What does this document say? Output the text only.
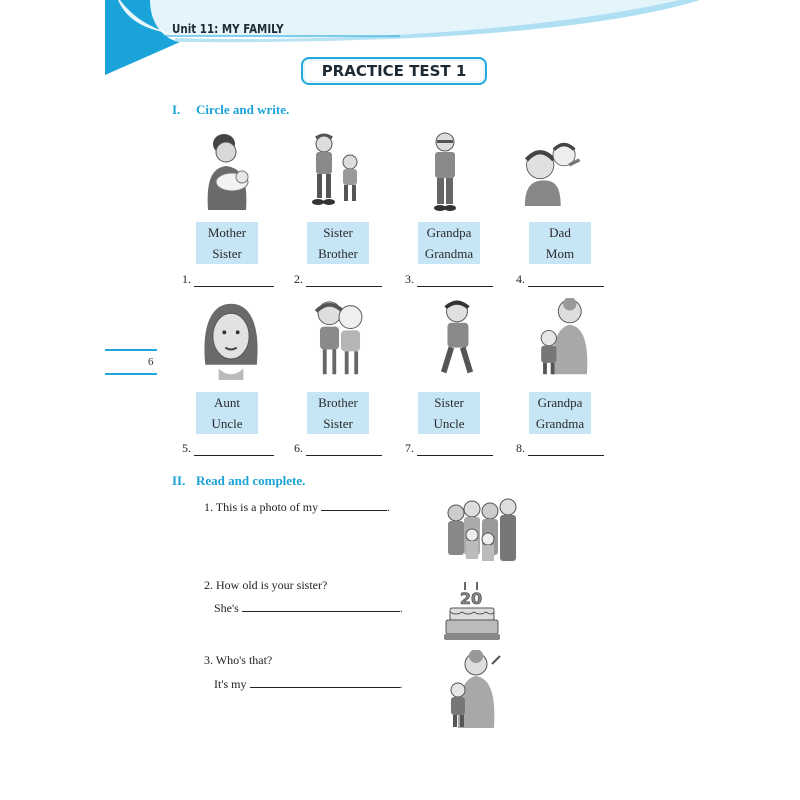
Unit 11: MY FAMILY
PRACTICE TEST 1
I. Circle and write.
Mother
Sister
Sister
Brother
Grandpa
Grandma
Dad
Mom
1.	2.	3.	4.
6
Aunt
Uncle
Brother
Sister
Sister
Uncle
Grandpa
Grandma
5.	6.	7.	8.
II. Read and complete.
1. This is a photo of my	.
2. How old is your sister?
She's	.	20
3. Who's that?
It's my	.
